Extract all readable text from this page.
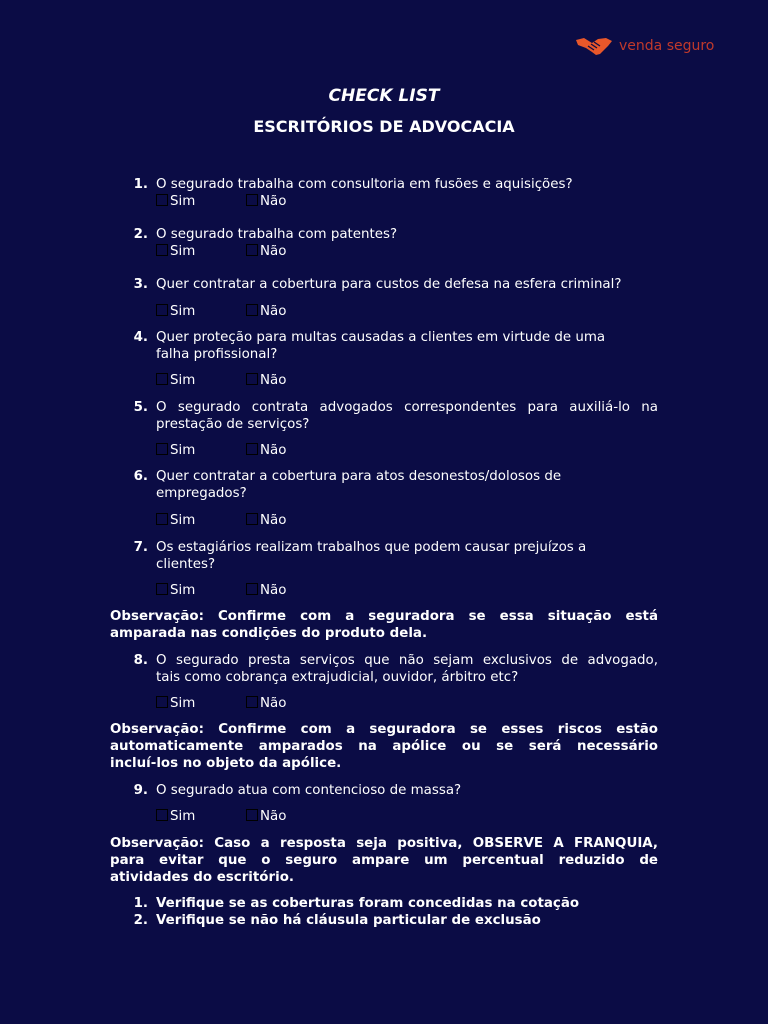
venda seguro
CHECK LIST
ESCRITÓRIOS DE ADVOCACIA
1. O segurado trabalha com consultoria em fusões e aquisições?
Sim	Não
2. O segurado trabalha com patentes?
Sim	Não
3. Quer contratar a cobertura para custos de defesa na esfera criminal?
Sim	Não
4. Quer proteção para multas causadas a clientes em virtude de uma
falha profissional?
Sim	Não
5. O segurado contrata advogados correspondentes para auxiliá-lo na
prestação de serviços?
Sim	Não
6. Quer contratar a cobertura para atos desonestos/dolosos de
empregados?
Sim	Não
7. Os estagiários realizam trabalhos que podem causar prejuízos a
clientes?
Sim	Não
Observação: Confirme com a seguradora se essa situação está
amparada nas condições do produto dela.
8. O segurado presta serviços que não sejam exclusivos de advogado,
tais como cobrança extrajudicial, ouvidor, árbitro etc?
Sim	Não
Observação: Confirme com a seguradora se esses riscos estão
automaticamente amparados na apólice ou se será necessário
incluí-los no objeto da apólice.
9. O segurado atua com contencioso de massa?
Sim	Não
Observação: Caso a resposta seja positiva, OBSERVE A FRANQUIA,
para evitar que o seguro ampare um percentual reduzido de
atividades do escritório.
1. Verifique se as coberturas foram concedidas na cotação
2. Verifique se não há cláusula particular de exclusão
